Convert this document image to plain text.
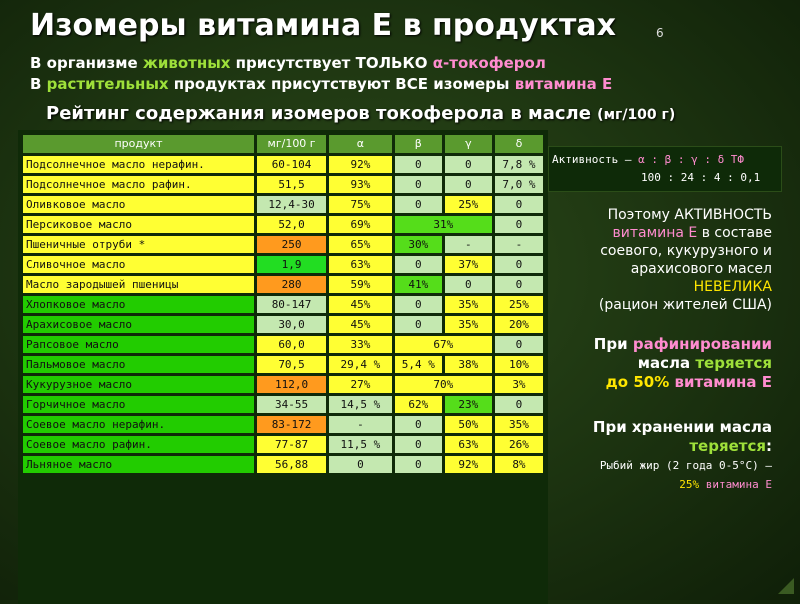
Изомеры витамина Е в продуктах	6
В организме животных присутствует ТОЛЬКО α-токоферол
В растительных продуктах присутствуют ВСЕ изомеры витамина Е
Рейтинг содержания изомеров токоферола в масле (мг/100 г)
продукт	мг/100 г	α	β	γ	δ
Подсолнечное масло нерафин.	60-104	92%	0	0	7,8 %
Подсолнечное масло рафин.	51,5	93%	0	0	7,0 %
Оливковое масло	12,4-30	75%	0	25%	0
Персиковое масло	52,0	69%	31%		0
Пшеничные отруби *	250	65%	30%	-	-
Сливочное масло	1,9	63%	0	37%	0
Масло зародышей пшеницы	280	59%	41%	0	0
Хлопковое масло	80-147	45%	0	35%	25%
Арахисовое масло	30,0	45%	0	35%	20%
Рапсовое масло	60,0	33%	67%		0
Пальмовое масло	70,5	29,4 %	5,4 %	38%	10%
Кукурузное масло	112,0	27%	70%		3%
Горчичное масло	34-55	14,5 %	62%	23%	0
Соевое масло нерафин.	83-172	-	0	50%	35%
Соевое масло рафин.	77-87	11,5 %	0	63%	26%
Льняное масло	56,88	0	0	92%	8%
Активность – α : β : γ : δ ТФ
100 : 24 : 4 : 0,1
Поэтому АКТИВНОСТЬ
витамина Е в составе
соевого, кукурузного и
арахисового масел
НЕВЕЛИКА
(рацион жителей США)
При рафинировании
масла теряется
до 50% витамина Е
При хранении масла
теряется:
Рыбий жир (2 года 0-5°С) –
25% витамина Е
